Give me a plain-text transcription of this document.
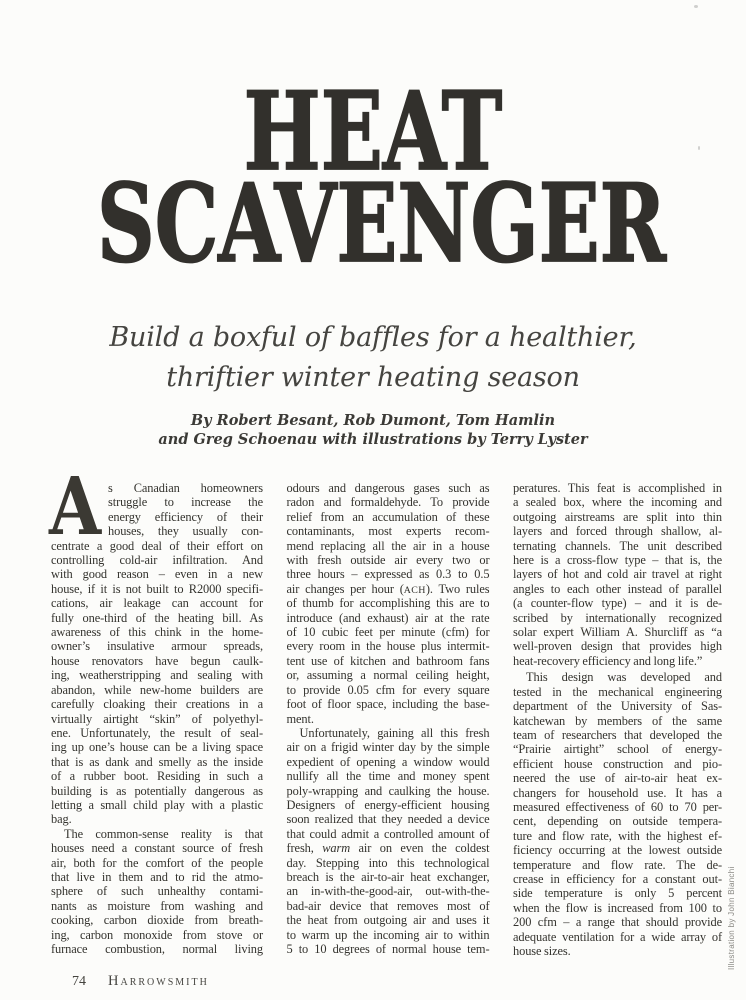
HEAT
SCAVENGER
Build a boxful of baffles for a healthier,
thriftier winter heating season
By Robert Besant, Rob Dumont, Tom Hamlin
and Greg Schoenau with illustrations by Terry Lyster
A s Canadian homeowners
struggle to increase the
energy efficiency of their
houses, they usually con-
centrate a good deal of their effort on
controlling cold-air infiltration. And
with good reason – even in a new
house, if it is not built to R2000 specifi-
cations, air leakage can account for
fully one-third of the heating bill. As
awareness of this chink in the home-
owner’s insulative armour spreads,
house renovators have begun caulk-
ing, weatherstripping and sealing with
abandon, while new-home builders are
carefully cloaking their creations in a
virtually airtight “skin” of polyethyl-
ene. Unfortunately, the result of seal-
ing up one’s house can be a living space
that is as dank and smelly as the inside
of a rubber boot. Residing in such a
building is as potentially dangerous as
letting a small child play with a plastic
bag.
The common-sense reality is that
houses need a constant source of fresh
air, both for the comfort of the people
that live in them and to rid the atmo-
sphere of such unhealthy contami-
nants as moisture from washing and
cooking, carbon dioxide from breath-
ing, carbon monoxide from stove or
furnace combustion, normal living
odours and dangerous gases such as
radon and formaldehyde. To provide
relief from an accumulation of these
contaminants, most experts recom-
mend replacing all the air in a house
with fresh outside air every two or
three hours – expressed as 0.3 to 0.5
air changes per hour (ACH). Two rules
of thumb for accomplishing this are to
introduce (and exhaust) air at the rate
of 10 cubic feet per minute (cfm) for
every room in the house plus intermit-
tent use of kitchen and bathroom fans
or, assuming a normal ceiling height,
to provide 0.05 cfm for every square
foot of floor space, including the base-
ment.
Unfortunately, gaining all this fresh
air on a frigid winter day by the simple
expedient of opening a window would
nullify all the time and money spent
poly-wrapping and caulking the house.
Designers of energy-efficient housing
soon realized that they needed a device
that could admit a controlled amount of
fresh, warm air on even the coldest
day. Stepping into this technological
breach is the air-to-air heat exchanger,
an in-with-the-good-air, out-with-the-
bad-air device that removes most of
the heat from outgoing air and uses it
to warm up the incoming air to within
5 to 10 degrees of normal house tem-
peratures. This feat is accomplished in
a sealed box, where the incoming and
outgoing airstreams are split into thin
layers and forced through shallow, al-
ternating channels. The unit described
here is a cross-flow type – that is, the
layers of hot and cold air travel at right
angles to each other instead of parallel
(a counter-flow type) – and it is de-
scribed by internationally recognized
solar expert William A. Shurcliff as “a
well-proven design that provides high
heat-recovery efficiency and long life.”
This design was developed and
tested in the mechanical engineering
department of the University of Sas-
katchewan by members of the same
team of researchers that developed the
“Prairie airtight” school of energy-
efficient house construction and pio-
neered the use of air-to-air heat ex-
changers for household use. It has a
measured effectiveness of 60 to 70 per-
cent, depending on outside tempera-
ture and flow rate, with the highest ef-
ficiency occurring at the lowest outside
temperature and flow rate. The de-
crease in efficiency for a constant out-
side temperature is only 5 percent
when the flow is increased from 100 to
200 cfm – a range that should provide
adequate ventilation for a wide array of
house sizes.
74 Harrowsmith
Illustration by John Bianchi
